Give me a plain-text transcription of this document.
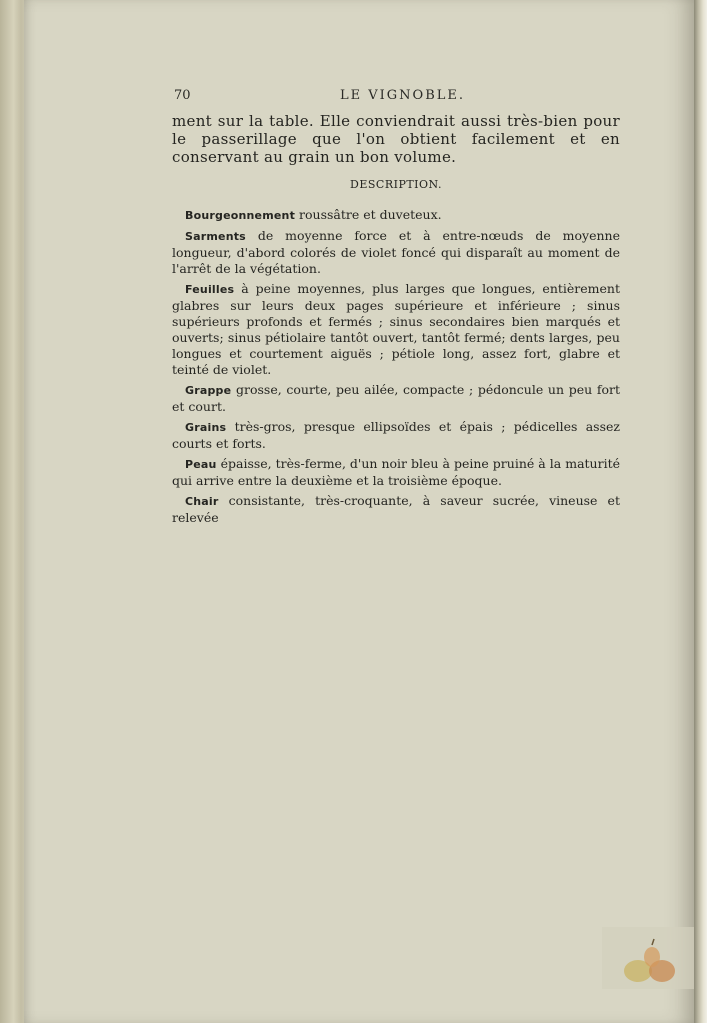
70	LE VIGNOBLE.

ment sur la table. Elle conviendrait aussi très-bien pour le passerillage que l'on obtient facilement et en conservant au grain un bon volume.

DESCRIPTION.

Bourgeonnement roussâtre et duveteux.

Sarments de moyenne force et à entre-nœuds de moyenne longueur, d'abord colorés de violet foncé qui disparaît au moment de l'arrêt de la végétation.

Feuilles à peine moyennes, plus larges que longues, entièrement glabres sur leurs deux pages supérieure et inférieure ; sinus supérieurs profonds et fermés ; sinus secondaires bien marqués et ouverts; sinus pétiolaire tantôt ouvert, tantôt fermé; dents larges, peu longues et courtement aiguës ; pétiole long, assez fort, glabre et teinté de violet.

Grappe grosse, courte, peu ailée, compacte ; pédoncule un peu fort et court.

Grains très-gros, presque ellipsoïdes et épais ; pédicelles assez courts et forts.

Peau épaisse, très-ferme, d'un noir bleu à peine pruiné à la maturité qui arrive entre la deuxième et la troisième époque.

Chair consistante, très-croquante, à saveur sucrée, vineuse et relevée
